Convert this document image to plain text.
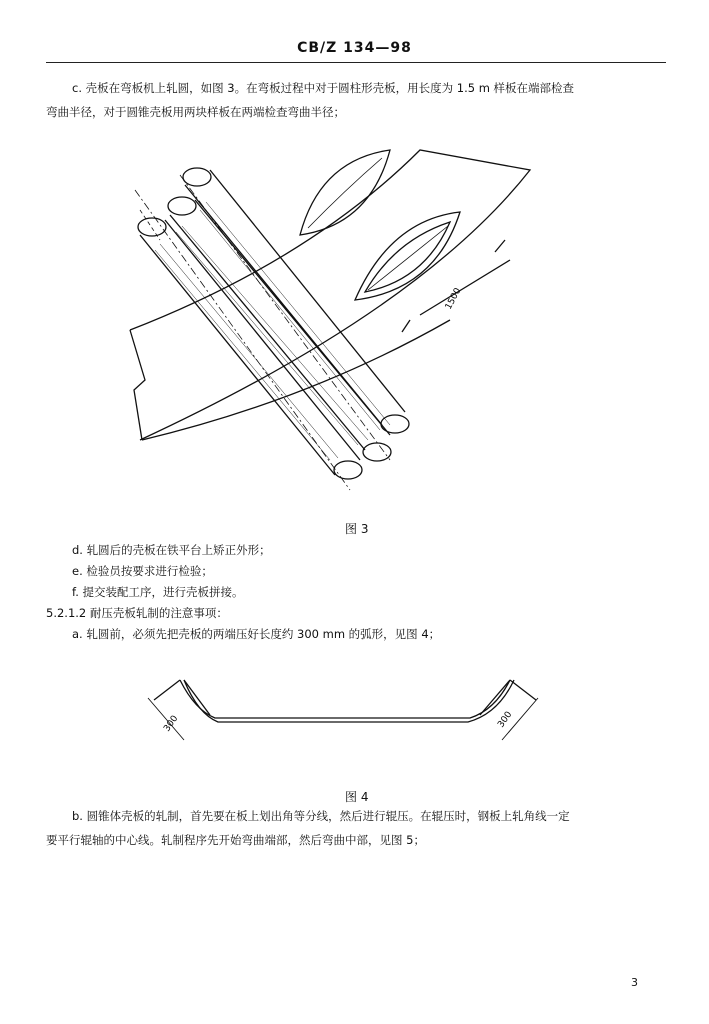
CB/Z 134—98
c. 壳板在弯板机上轧圆，如图 3。在弯板过程中对于圆柱形壳板，用长度为 1.5 m 样板在端部检查
弯曲半径，对于圆锥壳板用两块样板在两端检查弯曲半径；
1500
图 3
d. 轧圆后的壳板在铁平台上矫正外形；
e. 检验员按要求进行检验；
f. 提交装配工序，进行壳板拼接。
5.2.1.2 耐压壳板轧制的注意事项：
a. 轧圆前，必须先把壳板的两端压好长度约 300 mm 的弧形，见图 4；
300	300
图 4
b. 圆锥体壳板的轧制，首先要在板上划出角等分线，然后进行辊压。在辊压时，钢板上轧角线一定
要平行辊轴的中心线。轧制程序先开始弯曲端部，然后弯曲中部，见图 5；
3
